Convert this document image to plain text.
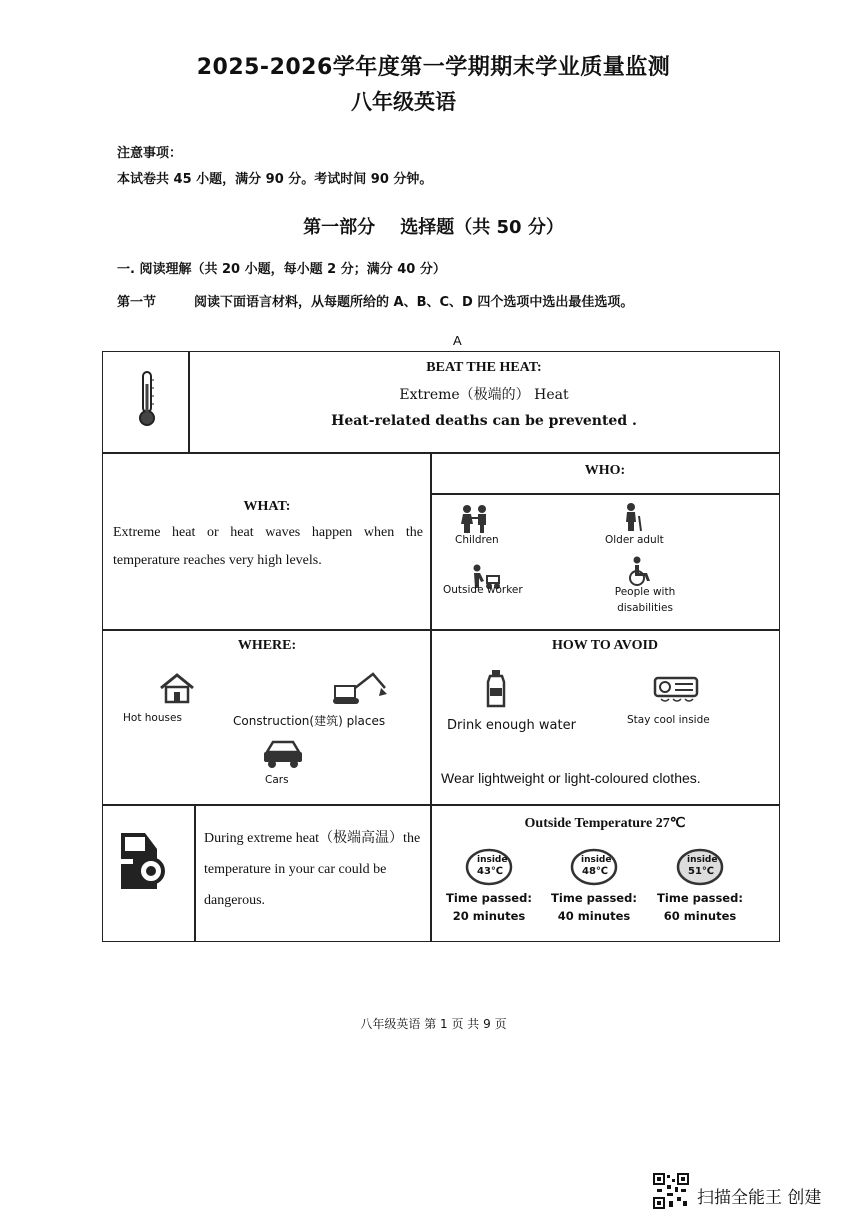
2025-2026学年度第一学期期末学业质量监测
八年级英语
注意事项：
本试卷共 45 小题，满分 90 分。考试时间 90 分钟。
第一部分    选择题（共 50 分）
一. 阅读理解（共 20 小题，每小题 2 分；满分 40 分）
第一节	阅读下面语言材料，从每题所给的 A、B、C、D 四个选项中选出最佳选项。
A
BEAT THE HEAT:
Extreme（极端的） Heat
Heat-related deaths can be prevented .
WHAT:
Extreme heat or heat waves happen when the temperature reaches very high levels.
WHO:
Children	Older adult
Outside worker	People with disabilities
WHERE:
Hot houses	Construction(建筑) places
Cars
HOW TO AVOID
Drink enough water	Stay cool inside
Wear lightweight or light-coloured clothes.
During extreme heat（极端高温）the temperature in your car could be dangerous.
Outside Temperature 27℃
inside
43℃
Time passed:
20 minutes
inside
48℃
Time passed:
40 minutes
inside
51℃
Time passed:
60 minutes
八年级英语 第 1 页 共 9 页
扫描全能王 创建
